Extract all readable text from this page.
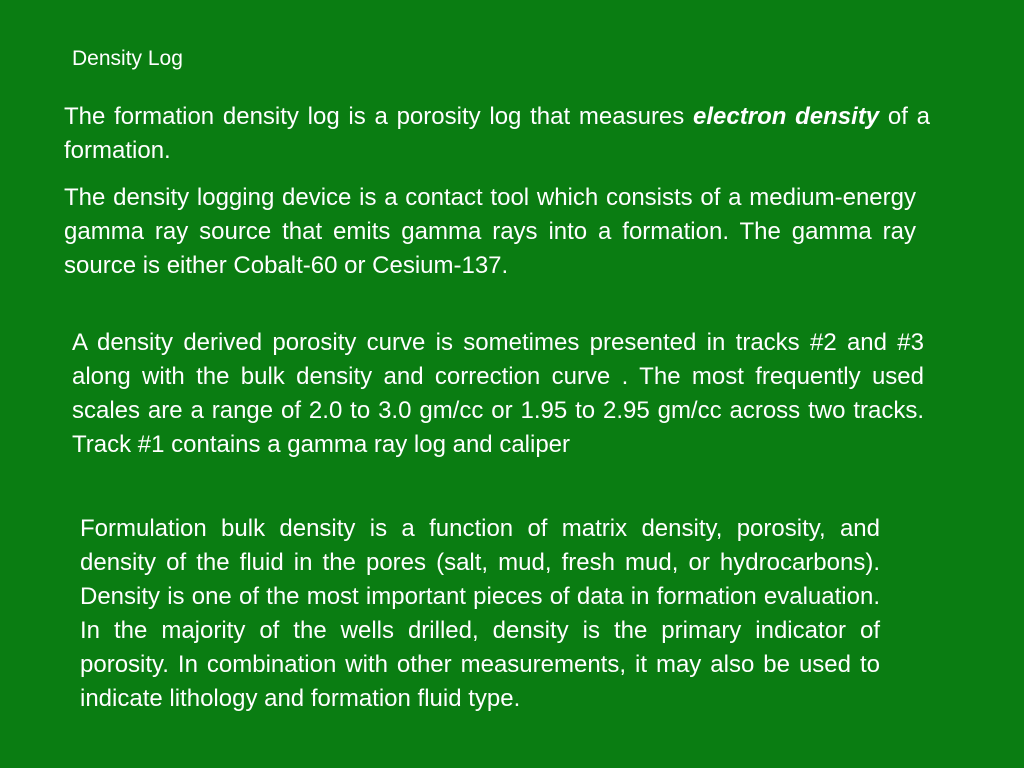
Density Log

The formation density log is a porosity log that measures electron density of a formation.

The density logging device is a contact tool which consists of a medium-energy gamma ray source that emits gamma rays into a formation. The gamma ray source is either Cobalt-60 or Cesium-137.

A density derived porosity curve is sometimes presented in tracks #2 and #3 along with the bulk density and correction curve . The most frequently used scales are a range of 2.0 to 3.0 gm/cc or 1.95 to 2.95 gm/cc across two tracks. Track #1 contains a gamma ray log and caliper

Formulation bulk density is a function of matrix density, porosity, and density of the fluid in the pores (salt, mud, fresh mud, or hydrocarbons). Density is one of the most important pieces of data in formation evaluation. In the majority of the wells drilled, density is the primary indicator of porosity. In combination with other measurements, it may also be used to indicate lithology and formation fluid type.
